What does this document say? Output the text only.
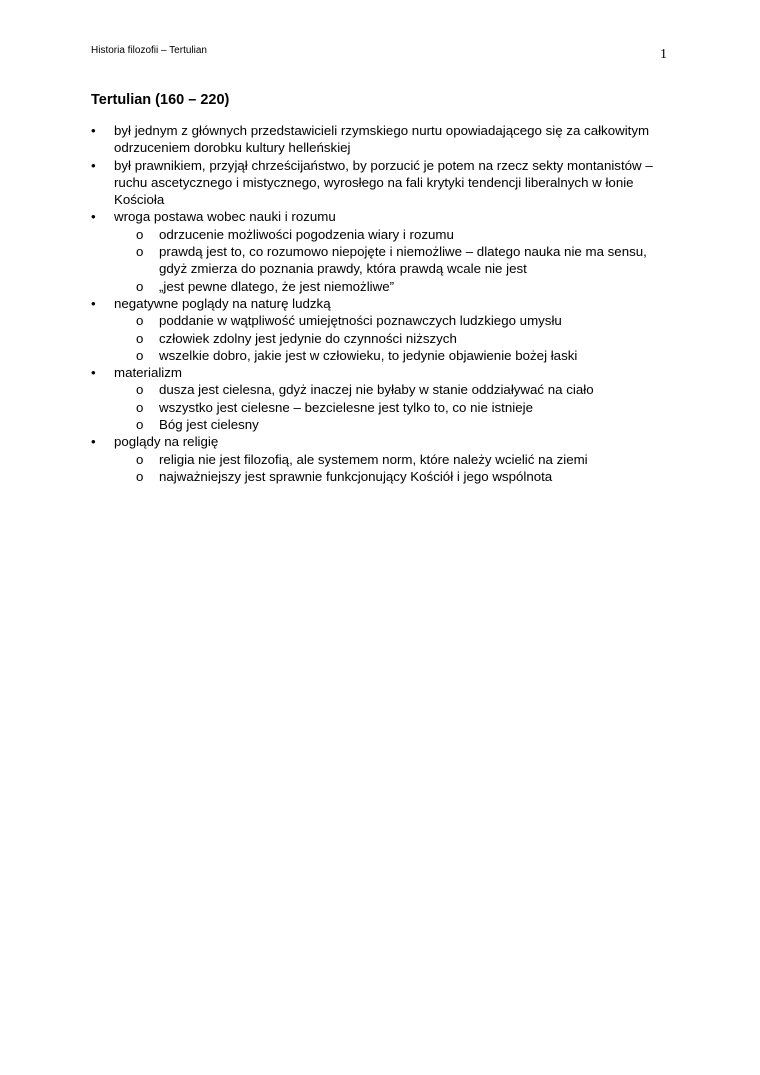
Historia filozofii – Tertulian	1
Tertulian (160 – 220)
•	był jednym z głównych przedstawicieli rzymskiego nurtu opowiadającego się za całkowitym odrzuceniem dorobku kultury helleńskiej
•	był prawnikiem, przyjął chrześcijaństwo, by porzucić je potem na rzecz sekty montanistów – ruchu ascetycznego i mistycznego, wyrosłego na fali krytyki tendencji liberalnych w łonie Kościoła
•	wroga postawa wobec nauki i rozumu
o	odrzucenie możliwości pogodzenia wiary i rozumu
o	prawdą jest to, co rozumowo niepojęte i niemożliwe – dlatego nauka nie ma sensu, gdyż zmierza do poznania prawdy, która prawdą wcale nie jest
o	„jest pewne dlatego, że jest niemożliwe”
•	negatywne poglądy na naturę ludzką
o	poddanie w wątpliwość umiejętności poznawczych ludzkiego umysłu
o	człowiek zdolny jest jedynie do czynności niższych
o	wszelkie dobro, jakie jest w człowieku, to jedynie objawienie bożej łaski
•	materializm
o	dusza jest cielesna, gdyż inaczej nie byłaby w stanie oddziaływać na ciało
o	wszystko jest cielesne – bezcielesne jest tylko to, co nie istnieje
o	Bóg jest cielesny
•	poglądy na religię
o	religia nie jest filozofią, ale systemem norm, które należy wcielić na ziemi
o	najważniejszy jest sprawnie funkcjonujący Kościół i jego wspólnota
